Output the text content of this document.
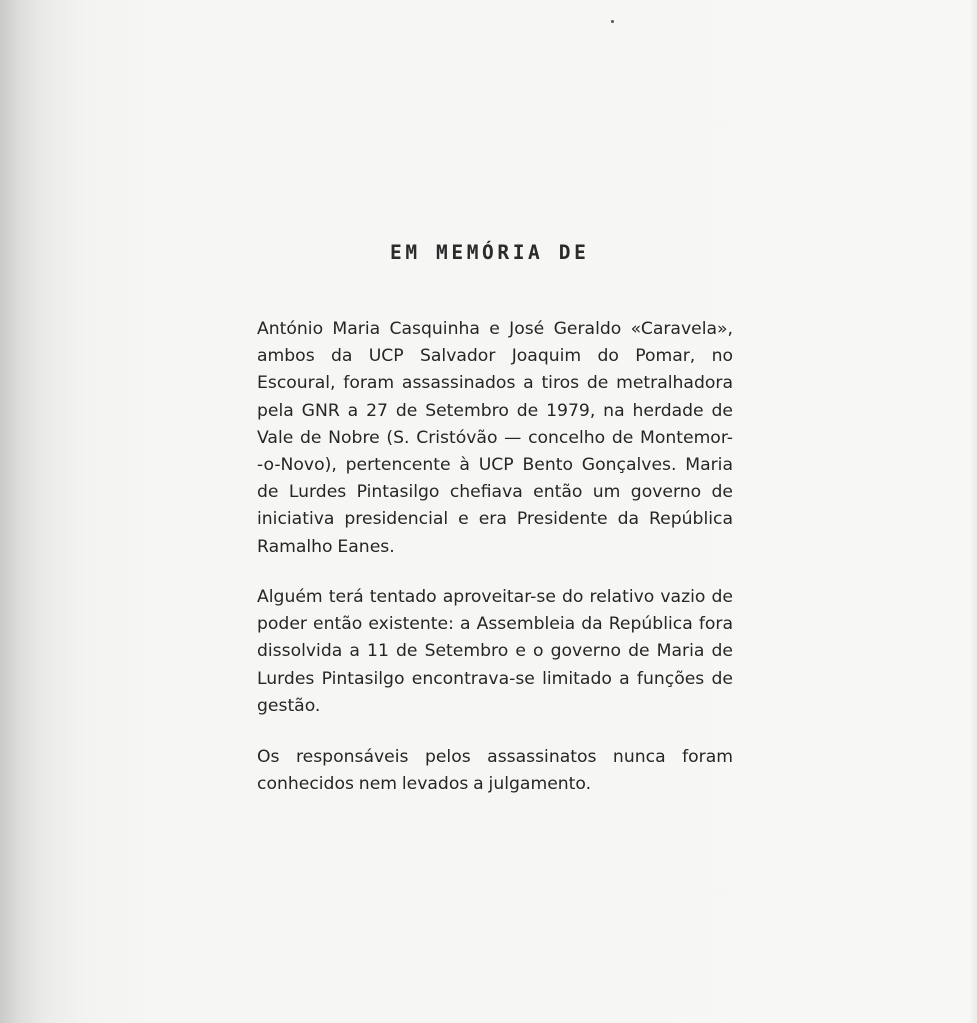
EM MEMÓRIA DE

António Maria Casquinha e José Geraldo «Caravela»,
ambos da UCP Salvador Joaquim do Pomar, no
Escoural, foram assassinados a tiros de metralhadora
pela GNR a 27 de Setembro de 1979, na herdade de
Vale de Nobre (S. Cristóvão — concelho de Montemor-
-o-Novo), pertencente à UCP Bento Gonçalves. Maria
de Lurdes Pintasilgo chefiava então um governo de
iniciativa presidencial e era Presidente da República
Ramalho Eanes.

Alguém terá tentado aproveitar-se do relativo vazio de
poder então existente: a Assembleia da República fora
dissolvida a 11 de Setembro e o governo de Maria de
Lurdes Pintasilgo encontrava-se limitado a funções de
gestão.

Os responsáveis pelos assassinatos nunca foram
conhecidos nem levados a julgamento.
